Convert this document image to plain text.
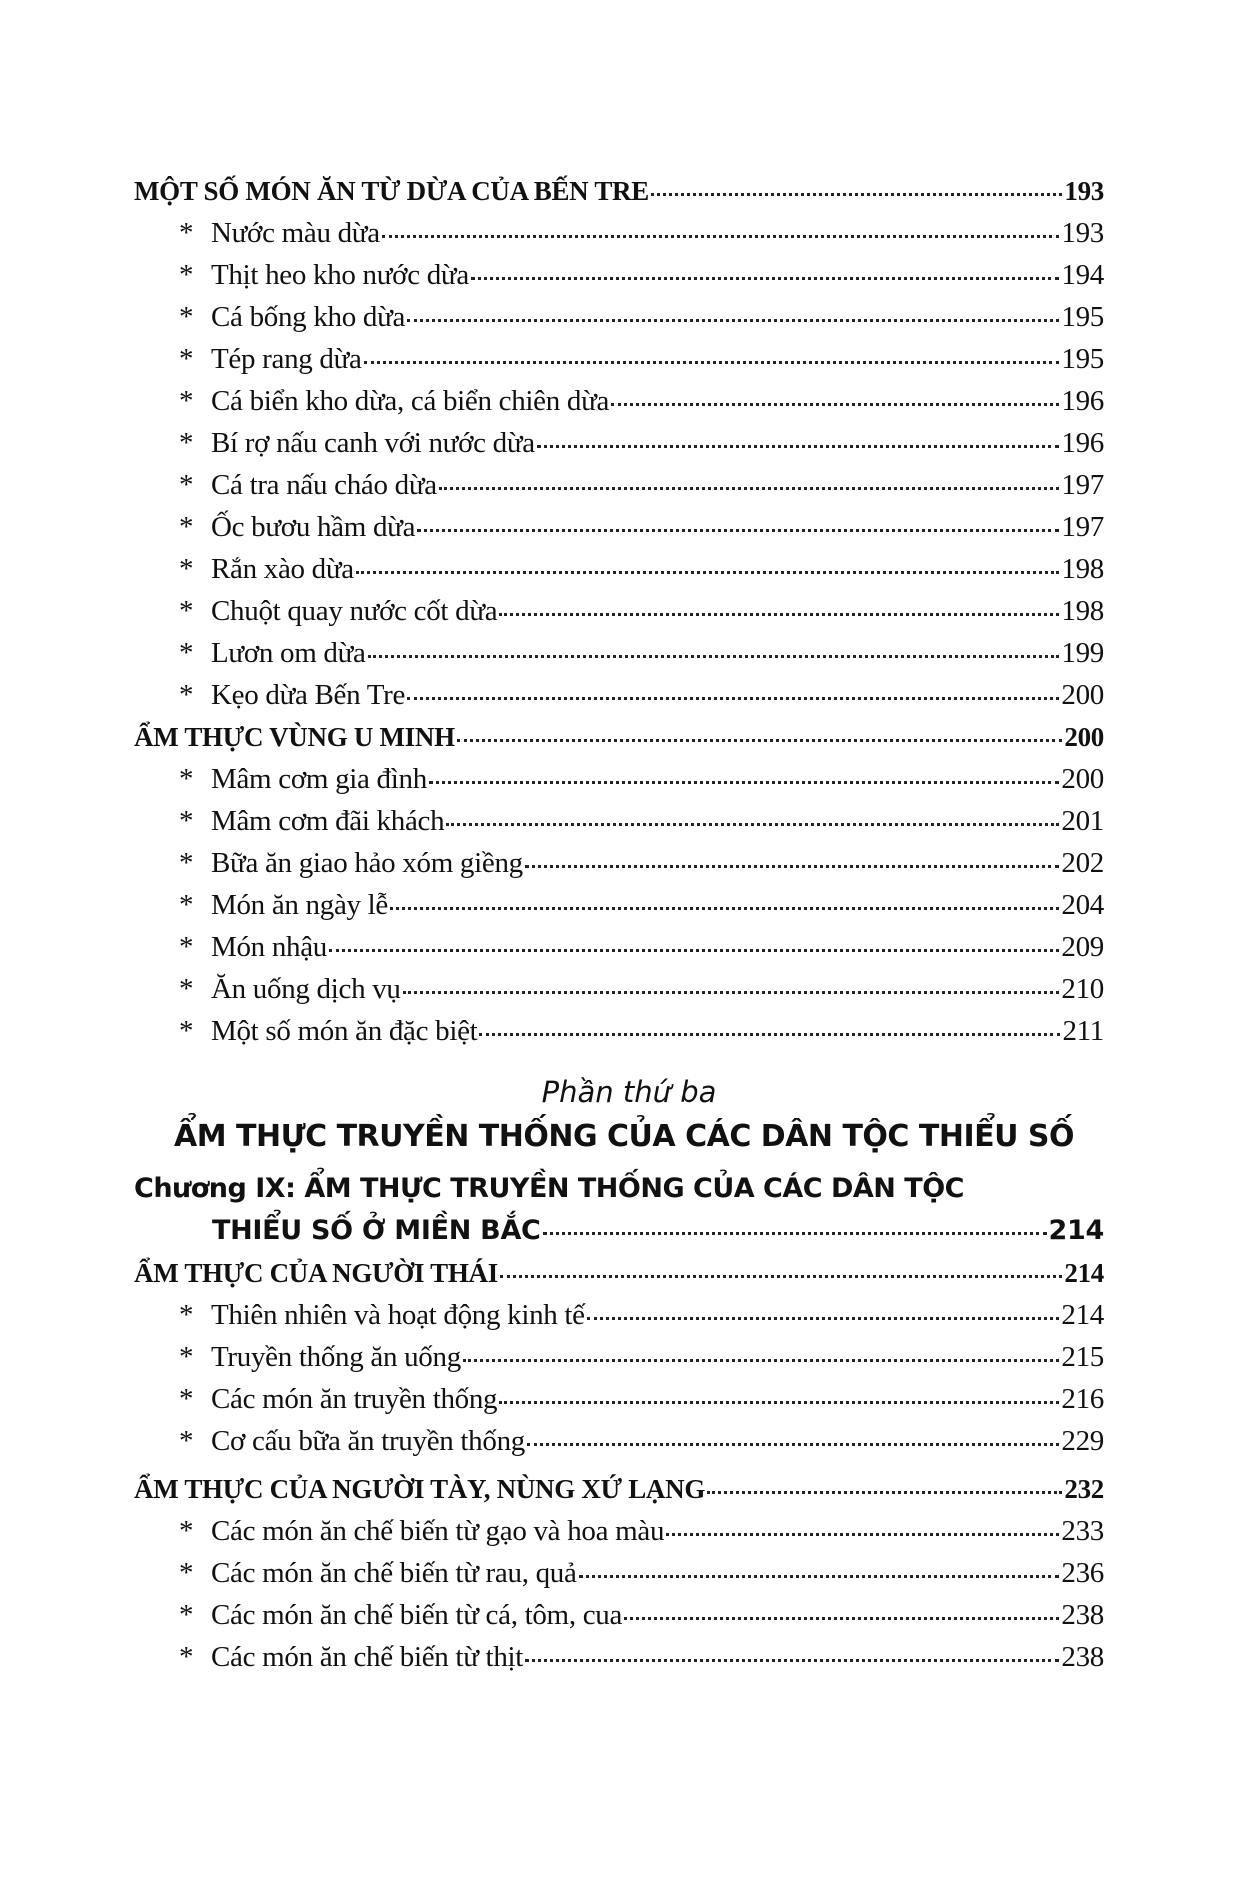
MỘT SỐ MÓN ĂN TỪ DỪA CỦA BẾN TRE	193
* Nước màu dừa	193
* Thịt heo kho nước dừa	194
* Cá bống kho dừa	195
* Tép rang dừa	195
* Cá biển kho dừa, cá biển chiên dừa	196
* Bí rợ nấu canh với nước dừa	196
* Cá tra nấu cháo dừa	197
* Ốc bươu hầm dừa	197
* Rắn xào dừa	198
* Chuột quay nước cốt dừa	198
* Lươn om dừa	199
* Kẹo dừa Bến Tre	200
ẨM THỰC VÙNG U MINH	200
* Mâm cơm gia đình	200
* Mâm cơm đãi khách	201
* Bữa ăn giao hảo xóm giềng	202
* Món ăn ngày lễ	204
* Món nhậu	209
* Ăn uống dịch vụ	210
* Một số món ăn đặc biệt	211
Phần thứ ba
ẨM THỰC TRUYỀN THỐNG CỦA CÁC DÂN TỘC THIỂU SỐ
Chương IX: ẨM THỰC TRUYỀN THỐNG CỦA CÁC DÂN TỘC
THIỂU SỐ Ở MIỀN BẮC	214
ẨM THỰC CỦA NGƯỜI THÁI	214
* Thiên nhiên và hoạt động kinh tế	214
* Truyền thống ăn uống	215
* Các món ăn truyền thống	216
* Cơ cấu bữa ăn truyền thống	229
ẨM THỰC CỦA NGƯỜI TÀY, NÙNG XỨ LẠNG	232
* Các món ăn chế biến từ gạo và hoa màu	233
* Các món ăn chế biến từ rau, quả	236
* Các món ăn chế biến từ cá, tôm, cua	238
* Các món ăn chế biến từ thịt	238
